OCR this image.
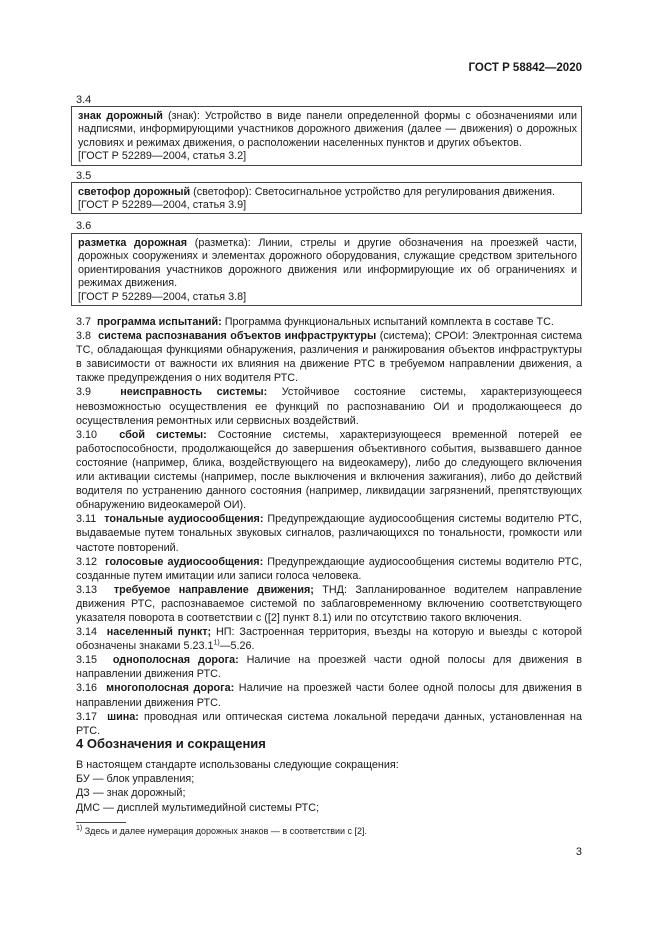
ГОСТ Р 58842—2020
3.4
знак дорожный (знак): Устройство в виде панели определенной формы с обозначениями или надписями, информирующими участников дорожного движения (далее — движения) о дорожных условиях и режимах движения, о расположении населенных пунктов и других объектов.
[ГОСТ Р 52289—2004, статья 3.2]
3.5
светофор дорожный (светофор): Светосигнальное устройство для регулирования движения.
[ГОСТ Р 52289—2004, статья 3.9]
3.6
разметка дорожная (разметка): Линии, стрелы и другие обозначения на проезжей части, дорожных сооружениях и элементах дорожного оборудования, служащие средством зрительного ориентирования участников дорожного движения или информирующие их об ограничениях и режимах движения.
[ГОСТ Р 52289—2004, статья 3.8]

3.7 программа испытаний: Программа функциональных испытаний комплекта в составе ТС.

3.8 система распознавания объектов инфраструктуры (система); СРОИ: Электронная система ТС, обладающая функциями обнаружения, различения и ранжирования объектов инфраструктуры в зависимости от важности их влияния на движение РТС в требуемом направлении движения, а также предупреждения о них водителя РТС.

3.9	неисправность системы: Устойчивое состояние системы, характеризующееся невозможностью осуществления ее функций по распознаванию ОИ и продолжающееся до осуществления ремонтных или сервисных воздействий.

3.10 сбой системы: Состояние системы, характеризующееся временной потерей ее работоспособности, продолжающейся до завершения объективного события, вызвавшего данное состояние (например, блика, воздействующего на видеокамеру), либо до следующего включения или активации системы (например, после выключения и включения зажигания), либо до действий водителя по устранению данного состояния (например, ликвидации загрязнений, препятствующих обнаружению видеокамерой ОИ).

3.11 тональные аудиосообщения: Предупреждающие аудиосообщения системы водителю РТС, выдаваемые путем тональных звуковых сигналов, различающихся по тональности, громкости или частоте повторений.

3.12 голосовые аудиосообщения: Предупреждающие аудиосообщения системы водителю РТС, созданные путем имитации или записи голоса человека.

3.13 требуемое направление движения; ТНД: Запланированное водителем направление движения РТС, распознаваемое системой по заблаговременному включению соответствующего указателя поворота в соответствии с ([2] пункт 8.1) или по отсутствию такого включения.

3.14 населенный пункт; НП: Застроенная территория, въезды на которую и выезды с которой обозначены знаками 5.23.1$^{1)}$—5.26.

3.15 однополосная дорога: Наличие на проезжей части одной полосы для движения в направлении движения РТС.

3.16 многополосная дорога: Наличие на проезжей части более одной полосы для движения в направлении движения РТС.

3.17 шина: проводная или оптическая система локальной передачи данных, установленная на РТС.

4 Обозначения и сокращения
В настоящем стандарте использованы следующие сокращения:
БУ — блок управления;
ДЗ — знак дорожный;
ДМС — дисплей мультимедийной системы РТС;
$^{1)}$ Здесь и далее нумерация дорожных знаков — в соответствии с [2].
3
